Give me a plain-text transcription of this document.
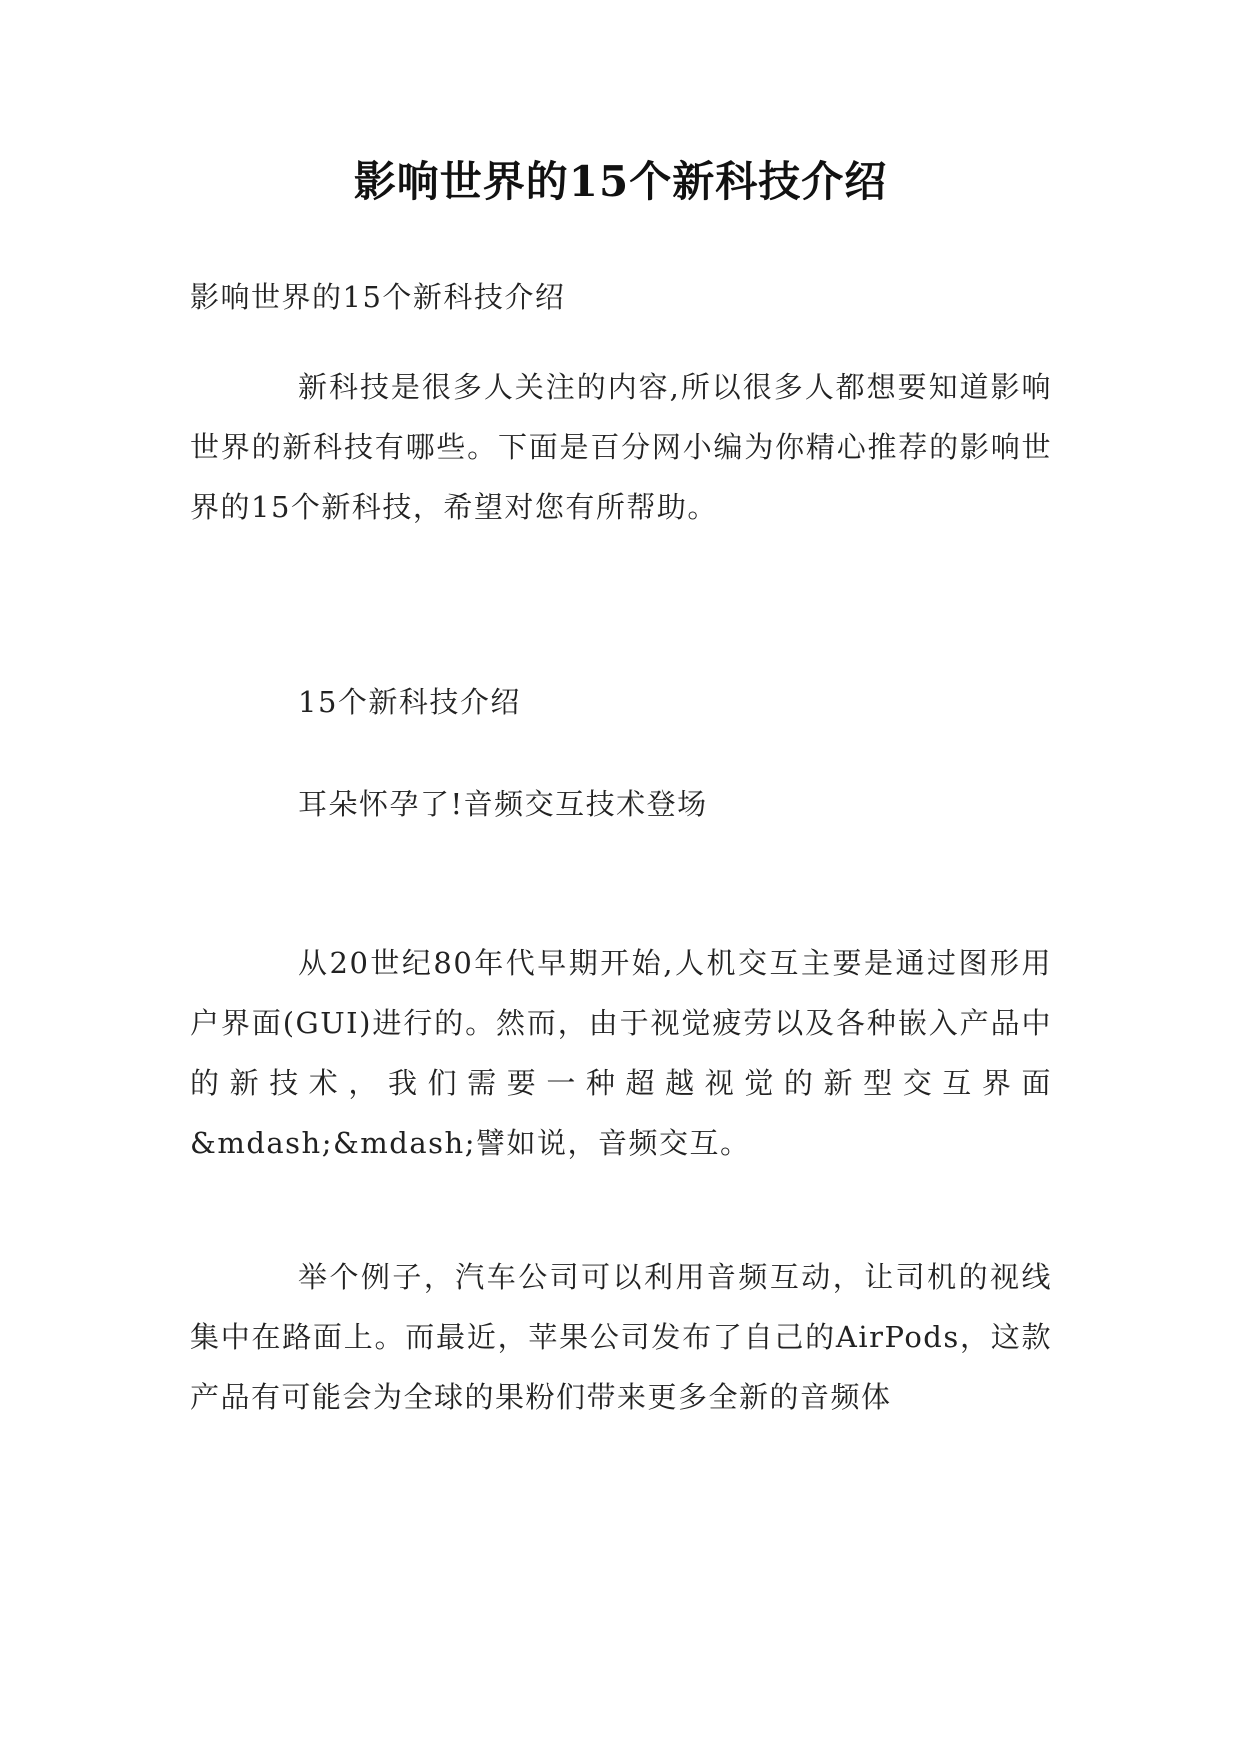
影响世界的15个新科技介绍

影响世界的15个新科技介绍

新科技是很多人关注的内容,所以很多人都想要知道影响世界的新科技有哪些。下面是百分网小编为你精心推荐的影响世界的15个新科技，希望对您有所帮助。

15个新科技介绍

耳朵怀孕了!音频交互技术登场

从20世纪80年代早期开始,人机交互主要是通过图形用户界面(GUI)进行的。然而，由于视觉疲劳以及各种嵌入产品中的新技术，我们需要一种超越视觉的新型交互界面&mdash;&mdash;譬如说，音频交互。

举个例子，汽车公司可以利用音频互动，让司机的视线集中在路面上。而最近，苹果公司发布了自己的AirPods，这款产品有可能会为全球的果粉们带来更多全新的音频体
